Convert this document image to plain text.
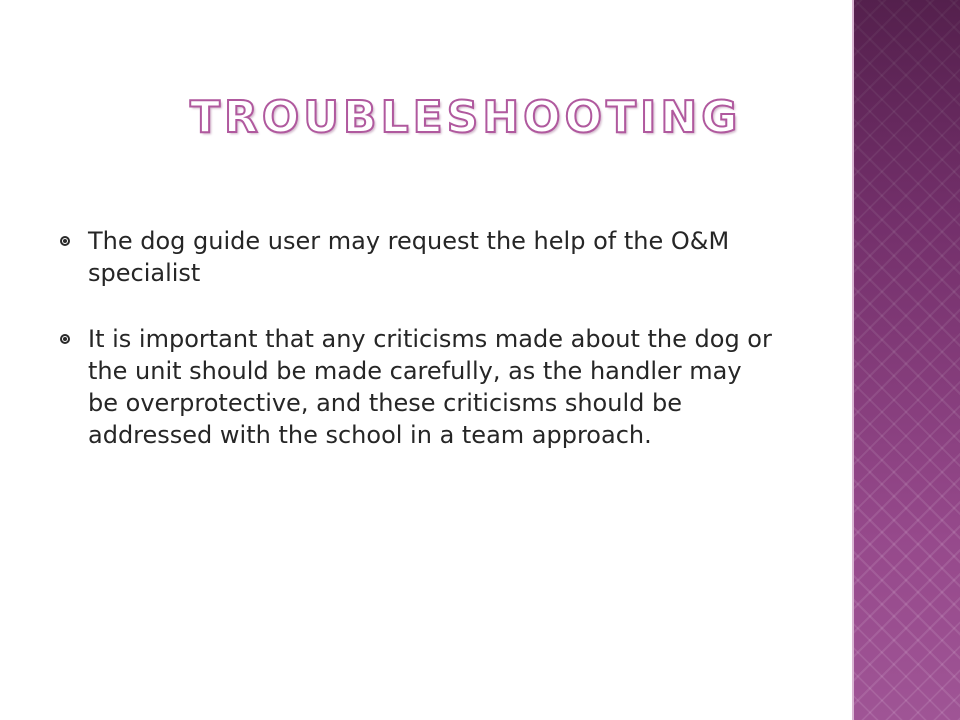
TROUBLESHOOTING
The dog guide user may request the help of the O&M specialist
It is important that any criticisms made about the dog or the unit should be made carefully, as the handler may be overprotective, and these criticisms should be addressed with the school in a team approach.
